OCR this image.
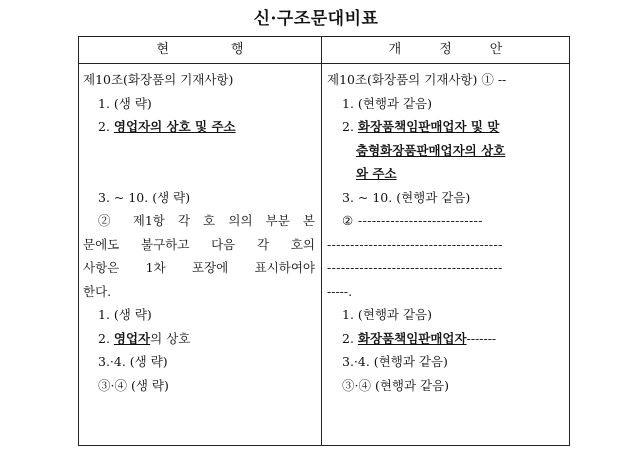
신·구조문대비표
현행	개정안
제10조(화장품의 기재사항)
1. (생 략)
2. 영업자의 상호 및 주소
3. ~ 10. (생 략)
② 제1항 각 호 의의 부분 본
문에도 불구하고 다음 각 호의
사항은 1차 포장에 표시하여야
한다.
1. (생 략)
2. 영업자의 상호
3.·4. (생 략)
③·④ (생 략)
제10조(화장품의 기재사항) ① --
1. (현행과 같음)
2. 화장품책임판매업자 및 맞
춤형화장품판매업자의 상호
와 주소
3. ~ 10. (현행과 같음)
② ---------------------------
--------------------------------------
--------------------------------------
-----.
1. (현행과 같음)
2. 화장품책임판매업자-------
3.·4. (현행과 같음)
③·④ (현행과 같음)
